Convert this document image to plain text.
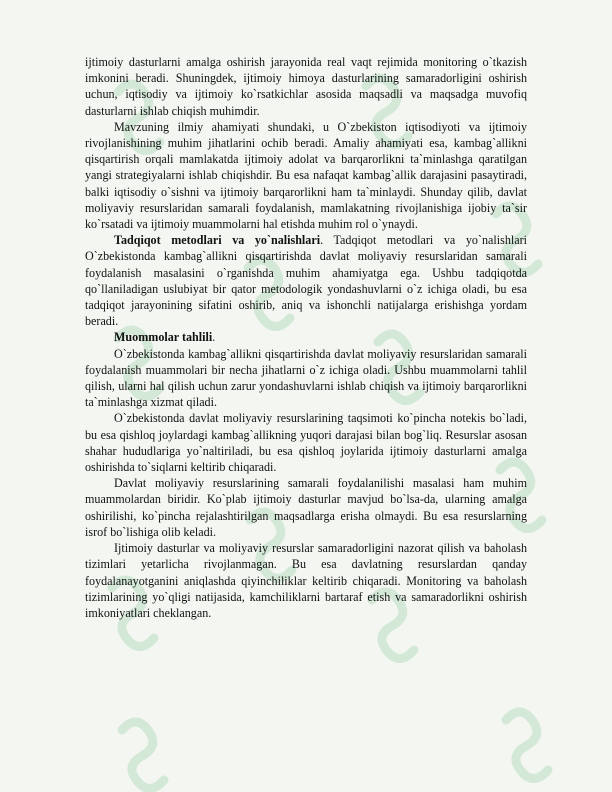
ijtimoiy dasturlarni amalga oshirish jarayonida real vaqt rejimida monitoring o`tkazish imkonini beradi. Shuningdek, ijtimoiy himoya dasturlarining samaradorligini oshirish uchun, iqtisodiy va ijtimoiy ko`rsatkichlar asosida maqsadli va maqsadga muvofiq dasturlarni ishlab chiqish muhimdir.

Mavzuning ilmiy ahamiyati shundaki, u O`zbekiston iqtisodiyoti va ijtimoiy rivojlanishining muhim jihatlarini ochib beradi. Amaliy ahamiyati esa, kambag`allikni qisqartirish orqali mamlakatda ijtimoiy adolat va barqarorlikni ta`minlashga qaratilgan yangi strategiyalarni ishlab chiqishdir. Bu esa nafaqat kambag`allik darajasini pasaytiradi, balki iqtisodiy o`sishni va ijtimoiy barqarorlikni ham ta`minlaydi. Shunday qilib, davlat moliyaviy resurslaridan samarali foydalanish, mamlakatning rivojlanishiga ijobiy ta`sir ko`rsatadi va ijtimoiy muammolarni hal etishda muhim rol o`ynaydi.

Tadqiqot metodlari va yo`nalishlari. Tadqiqot metodlari va yo`nalishlari O`zbekistonda kambag`allikni qisqartirishda davlat moliyaviy resurslaridan samarali foydalanish masalasini o`rganishda muhim ahamiyatga ega. Ushbu tadqiqotda qo`llaniladigan uslubiyat bir qator metodologik yondashuvlarni o`z ichiga oladi, bu esa tadqiqot jarayonining sifatini oshirib, aniq va ishonchli natijalarga erishishga yordam beradi.

Muommolar tahlili.

O`zbekistonda kambag`allikni qisqartirishda davlat moliyaviy resurslaridan samarali foydalanish muammolari bir necha jihatlarni o`z ichiga oladi. Ushbu muammolarni tahlil qilish, ularni hal qilish uchun zarur yondashuvlarni ishlab chiqish va ijtimoiy barqarorlikni ta`minlashga xizmat qiladi.

O`zbekistonda davlat moliyaviy resurslarining taqsimoti ko`pincha notekis bo`ladi, bu esa qishloq joylardagi kambag`allikning yuqori darajasi bilan bog`liq. Resurslar asosan shahar hududlariga yo`naltiriladi, bu esa qishloq joylarida ijtimoiy dasturlarni amalga oshirishda to`siqlarni keltirib chiqaradi.

Davlat moliyaviy resurslarining samarali foydalanilishi masalasi ham muhim muammolardan biridir. Ko`plab ijtimoiy dasturlar mavjud bo`lsa-da, ularning amalga oshirilishi, ko`pincha rejalashtirilgan maqsadlarga erisha olmaydi. Bu esa resurslarning isrof bo`lishiga olib keladi.

Ijtimoiy dasturlar va moliyaviy resurslar samaradorligini nazorat qilish va baholash tizimlari yetarlicha rivojlanmagan. Bu esa davlatning resurslardan qanday foydalanayotganini aniqlashda qiyinchiliklar keltirib chiqaradi. Monitoring va baholash tizimlarining yo`qligi natijasida, kamchiliklarni bartaraf etish va samaradorlikni oshirish imkoniyatlari cheklangan.
